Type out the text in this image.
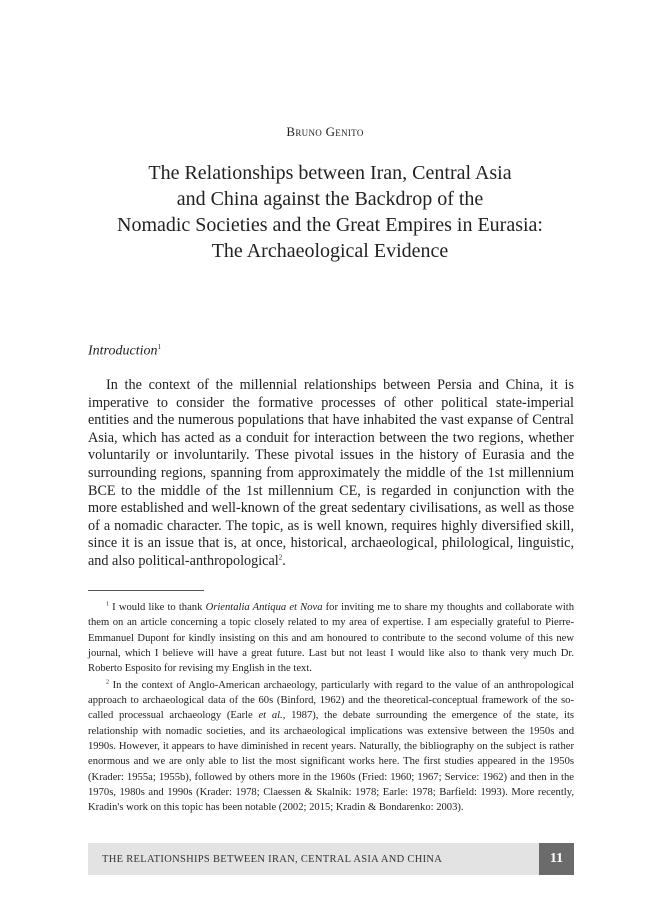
Bruno Genito
The Relationships between Iran, Central Asia
and China against the Backdrop of the
Nomadic Societies and the Great Empires in Eurasia:
The Archaeological Evidence
Introduction$^1$

In the context of the millennial relationships between Persia and China, it is imperative to consider the formative processes of other political state-imperial entities and the numerous populations that have inhabited the vast expanse of Central Asia, which has acted as a conduit for interaction between the two regions, whether voluntarily or involuntarily. These pivotal issues in the history of Eurasia and the surrounding regions, spanning from approximately the middle of the 1st millennium BCE to the middle of the 1st millennium CE, is regarded in conjunction with the more established and well-known of the great sedentary civilisations, as well as those of a nomadic character. The topic, as is well known, requires highly diversified skill, since it is an issue that is, at once, historical, archaeological, philological, linguistic, and also political-anthropological$^2$.

$^1$ I would like to thank Orientalia Antiqua et Nova for inviting me to share my thoughts and collaborate with them on an article concerning a topic closely related to my area of expertise. I am especially grateful to Pierre-Emmanuel Dupont for kindly insisting on this and am honoured to contribute to the second volume of this new journal, which I believe will have a great future. Last but not least I would like also to thank very much Dr. Roberto Esposito for revising my English in the text.

$^2$ In the context of Anglo-American archaeology, particularly with regard to the value of an anthropological approach to archaeological data of the 60s (Binford, 1962) and the theoretical-conceptual framework of the so-called processual archaeology (Earle et al., 1987), the debate surrounding the emergence of the state, its relationship with nomadic societies, and its archaeological implications was extensive between the 1950s and 1990s. However, it appears to have diminished in recent years. Naturally, the bibliography on the subject is rather enormous and we are only able to list the most significant works here. The first studies appeared in the 1950s (Krader: 1955a; 1955b), followed by others more in the 1960s (Fried: 1960; 1967; Service: 1962) and then in the 1970s, 1980s and 1990s (Krader: 1978; Claessen & Skalnik: 1978; Earle: 1978; Barfield: 1993). More recently, Kradin's work on this topic has been notable (2002; 2015; Kradin & Bondarenko: 2003).

THE RELATIONSHIPS BETWEEN IRAN, CENTRAL ASIA AND CHINA	11
